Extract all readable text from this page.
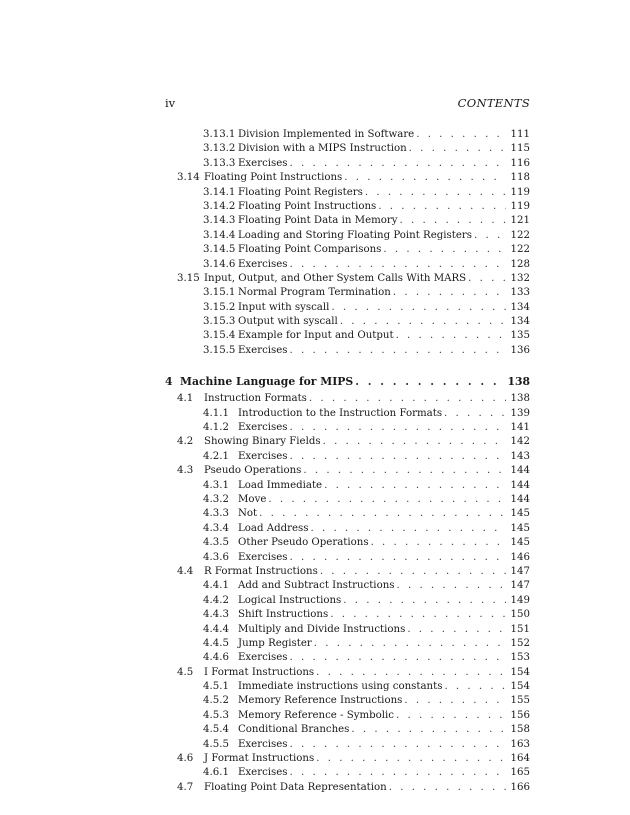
iv	CONTENTS
3.13.1 Division Implemented in Software . . .	111
3.13.2 Division with a MIPS Instruction . . .	115
3.13.3 Exercises . . .	116
3.14 Floating Point Instructions . . .	118
3.14.1 Floating Point Registers . . .	119
3.14.2 Floating Point Instructions . . .	119
3.14.3 Floating Point Data in Memory . . .	121
3.14.4 Loading and Storing Floating Point Registers . . .	122
3.14.5 Floating Point Comparisons . . .	122
3.14.6 Exercises . . .	128
3.15 Input, Output, and Other System Calls With MARS . . .	132
3.15.1 Normal Program Termination . . .	133
3.15.2 Input with syscall . . .	134
3.15.3 Output with syscall . . .	134
3.15.4 Example for Input and Output . . .	135
3.15.5 Exercises . . .	136
4 Machine Language for MIPS . . .	138
4.1 Instruction Formats . . .	138
4.1.1 Introduction to the Instruction Formats . . .	139
4.1.2 Exercises . . .	141
4.2 Showing Binary Fields . . .	142
4.2.1 Exercises . . .	143
4.3 Pseudo Operations . . .	144
4.3.1 Load Immediate . . .	144
4.3.2 Move . . .	144
4.3.3 Not . . .	145
4.3.4 Load Address . . .	145
4.3.5 Other Pseudo Operations . . .	145
4.3.6 Exercises . . .	146
4.4 R Format Instructions . . .	147
4.4.1 Add and Subtract Instructions . . .	147
4.4.2 Logical Instructions . . .	149
4.4.3 Shift Instructions . . .	150
4.4.4 Multiply and Divide Instructions . . .	151
4.4.5 Jump Register . . .	152
4.4.6 Exercises . . .	153
4.5 I Format Instructions . . .	154
4.5.1 Immediate instructions using constants . . .	154
4.5.2 Memory Reference Instructions . . .	155
4.5.3 Memory Reference - Symbolic . . .	156
4.5.4 Conditional Branches . . .	158
4.5.5 Exercises . . .	163
4.6 J Format Instructions . . .	164
4.6.1 Exercises . . .	165
4.7 Floating Point Data Representation . . .	166
